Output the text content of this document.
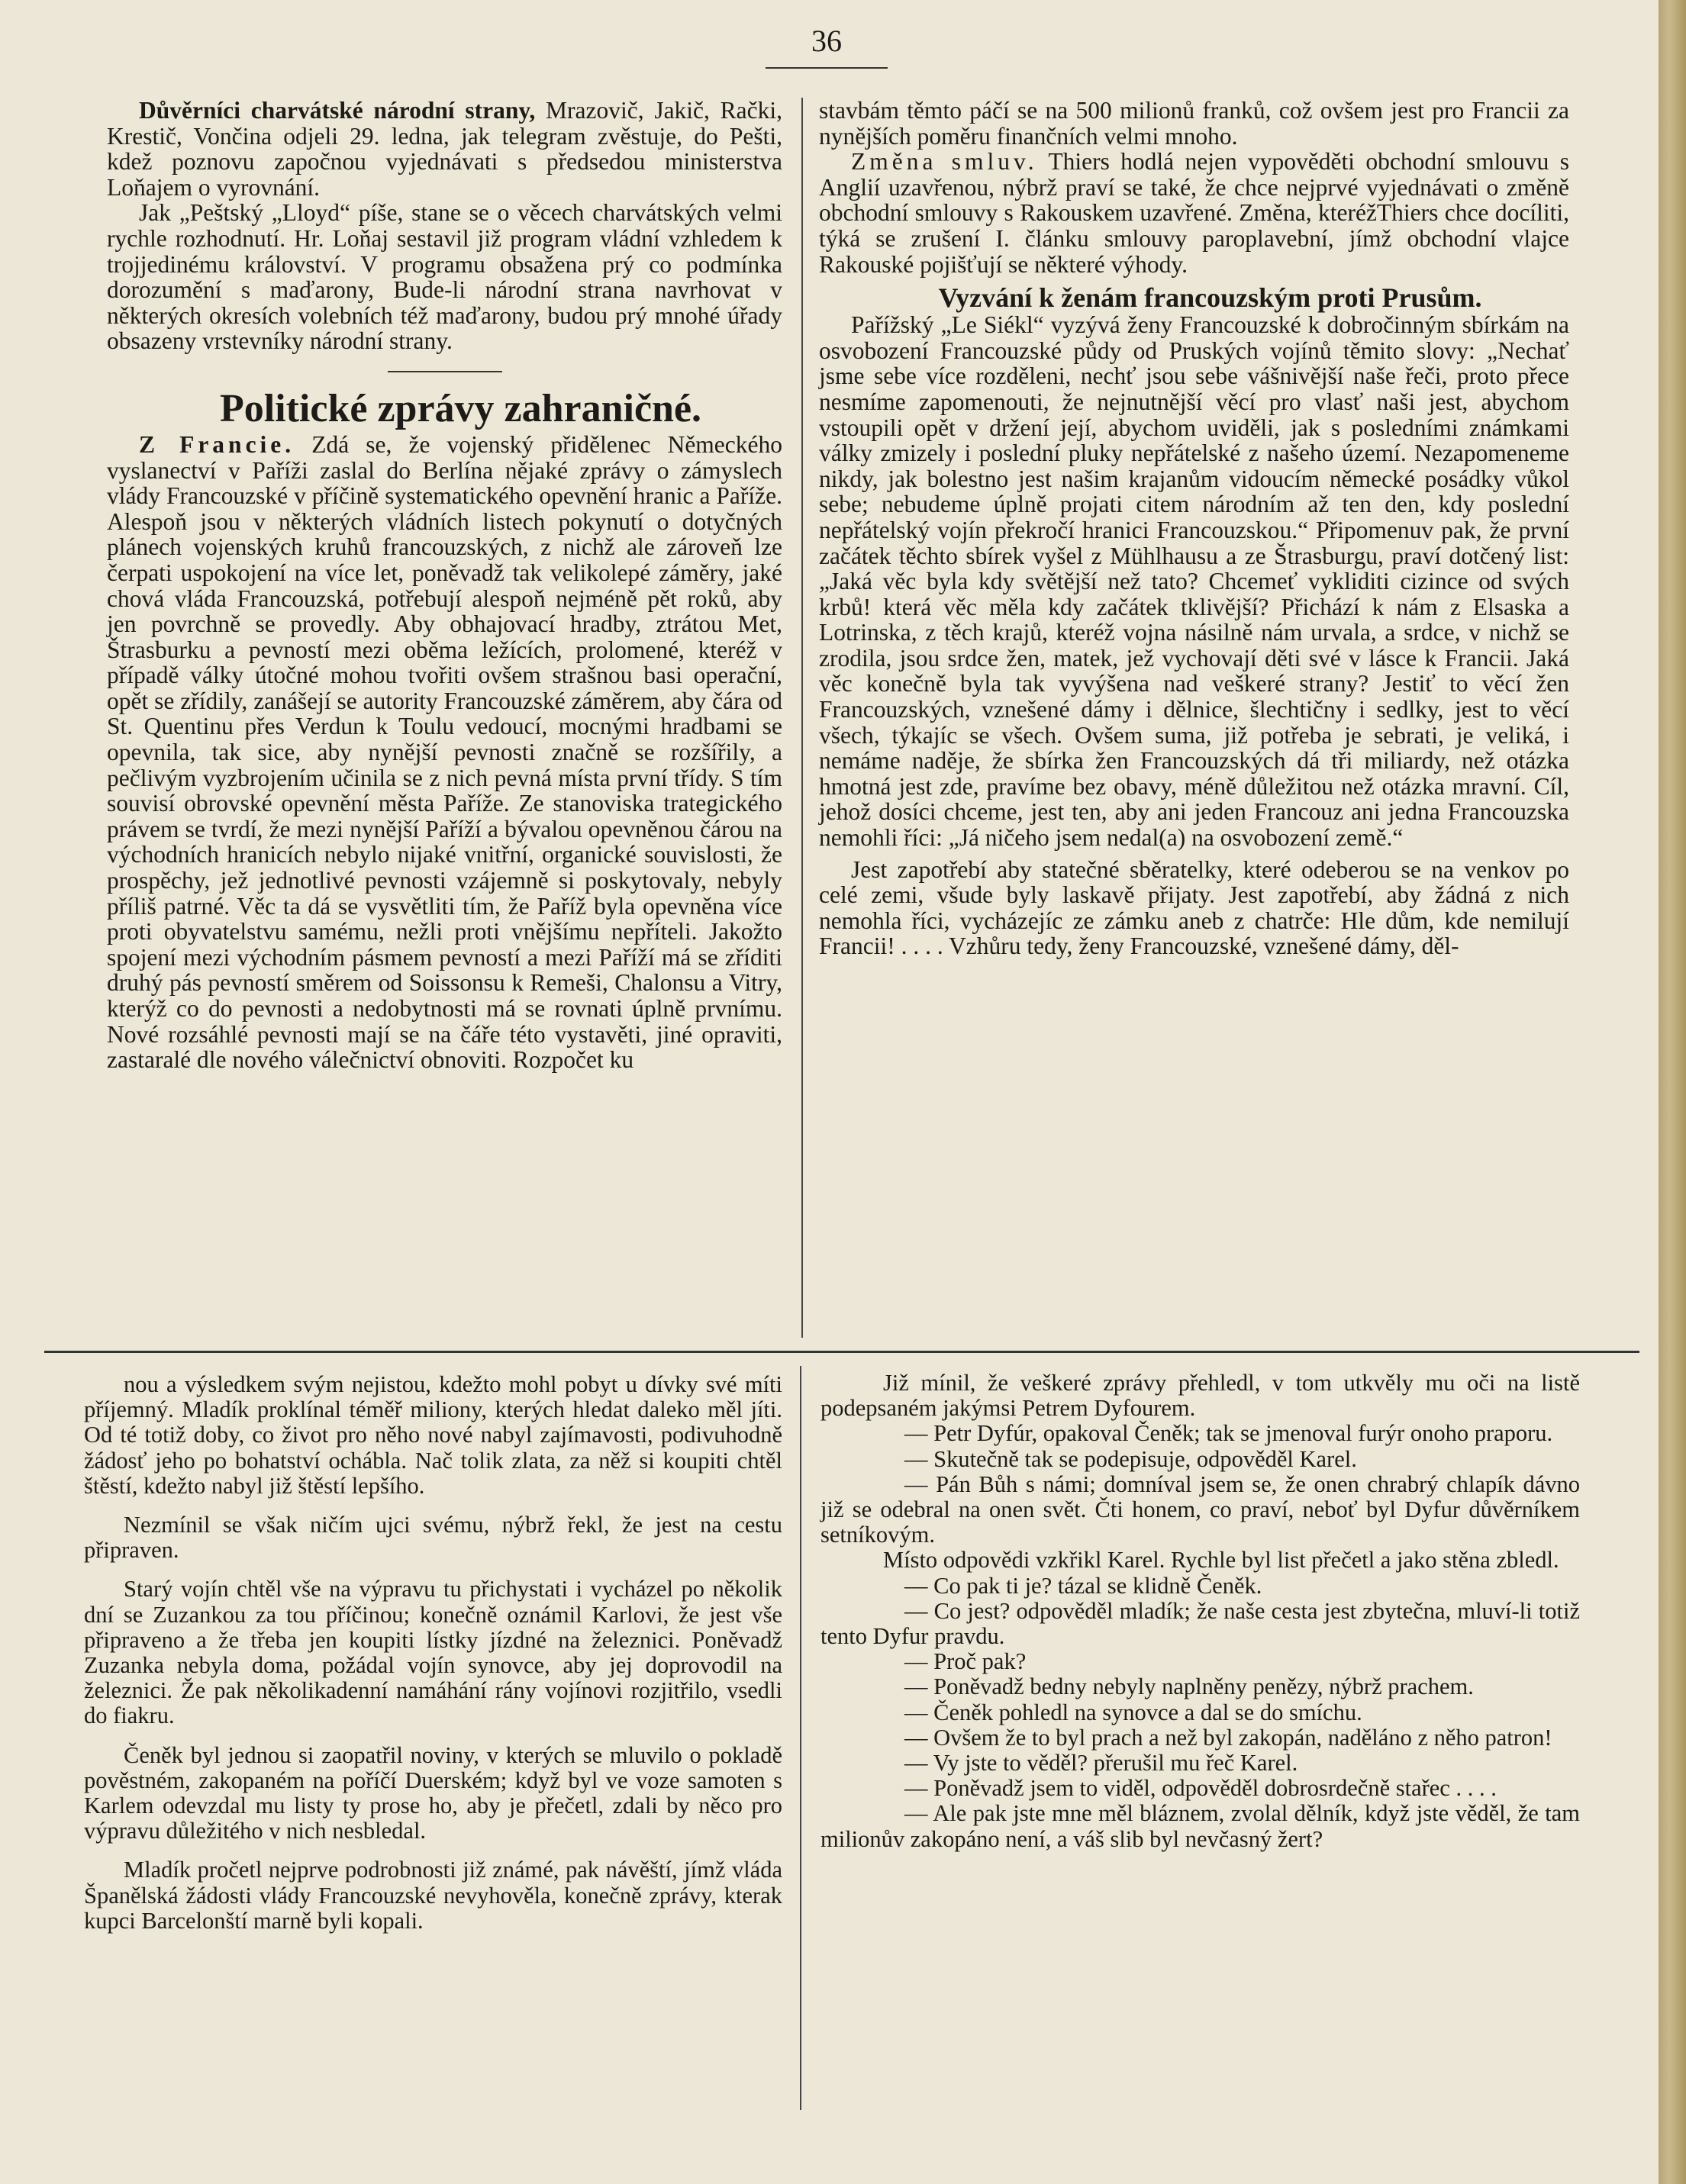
36

Důvěrníci charvátské národní strany, Mrazovič, Jakič, Rački, Krestič, Vončina odjeli 29. ledna, jak telegram zvěstuje, do Pešti, kdež poznovu započnou vyjednávati s předsedou ministerstva Loňajem o vyrovnání.

Jak „Peštský „Lloyd“ píše, stane se o věcech charvátských velmi rychle rozhodnutí. Hr. Loňaj sestavil již program vládní vzhledem k trojjedinému království. V programu obsažena prý co podmínka dorozumění s maďarony, Bude-li národní strana navrhovat v některých okresích volebních též maďarony, budou prý mnohé úřady obsazeny vrstevníky národní strany.

Politické zprávy zahraničné.

Z Francie. Zdá se, že vojenský přidělenec Německého vyslanectví v Paříži zaslal do Berlína nějaké zprávy o zámyslech vlády Francouzské v příčině systematického opevnění hranic a Paříže. Alespoň jsou v některých vládních listech pokynutí o dotyčných plánech vojenských kruhů francouzských, z nichž ale zároveň lze čerpati uspokojení na více let, poněvadž tak velikolepé záměry, jaké chová vláda Francouzská, potřebují alespoň nejméně pět roků, aby jen povrchně se provedly. Aby obhajovací hradby, ztrátou Met, Štrasburku a pevností mezi oběma ležících, prolomené, kteréž v případě války útočné mohou tvořiti ovšem strašnou basi operační, opět se zřídily, zanášejí se autority Francouzské záměrem, aby čára od St. Quentinu přes Verdun k Toulu vedoucí, mocnými hradbami se opevnila, tak sice, aby nynější pevnosti značně se rozšířily, a pečlivým vyzbrojením učinila se z nich pevná místa první třídy. S tím souvisí obrovské opevnění města Paříže. Ze stanoviska trategického právem se tvrdí, že mezi nynější Paříží a bývalou opevněnou čárou na východních hranicích nebylo nijaké vnitřní, organické souvislosti, že prospěchy, jež jednotlivé pevnosti vzájemně si poskytovaly, nebyly příliš patrné. Věc ta dá se vysvětliti tím, že Paříž byla opevněna více proti obyvatelstvu samému, nežli proti vnějšímu nepříteli. Jakožto spojení mezi východním pásmem pevností a mezi Paříží má se zříditi druhý pás pevností směrem od Soissonsu k Remeši, Chalonsu a Vitry, kterýž co do pevnosti a nedobytnosti má se rovnati úplně prvnímu. Nové rozsáhlé pevnosti mají se na čáře této vystavěti, jiné opraviti, zastaralé dle nového válečnictví obnoviti. Rozpočet ku

stavbám těmto páčí se na 500 milionů franků, což ovšem jest pro Francii za nynějších poměru finančních velmi mnoho.

Změna smluv. Thiers hodlá nejen vypověděti obchodní smlouvu s Anglií uzavřenou, nýbrž praví se také, že chce nejprvé vyjednávati o změně obchodní smlouvy s Rakouskem uzavřené. Změna, kteréžThiers chce docíliti, týká se zrušení I. článku smlouvy paroplavební, jímž obchodní vlajce Rakouské pojišťují se některé výhody.

Vyzvání k ženám francouzským proti Prusům.

Pařížský „Le Siékl“ vyzývá ženy Francouzské k dobročinným sbírkám na osvobození Francouzské půdy od Pruských vojínů těmito slovy: „Nechať jsme sebe více rozděleni, nechť jsou sebe vášnivější naše řeči, proto přece nesmíme zapomenouti, že nejnutnější věcí pro vlasť naši jest, abychom vstoupili opět v držení její, abychom uviděli, jak s posledními známkami války zmizely i poslední pluky nepřátelské z našeho území. Nezapomeneme nikdy, jak bolestno jest našim krajanům vidoucím německé posádky vůkol sebe; nebudeme úplně projati citem národním až ten den, kdy poslední nepřátelský vojín překročí hranici Francouzskou.“ Připomenuv pak, že první začátek těchto sbírek vyšel z Mühlhausu a ze Štrasburgu, praví dotčený list: „Jaká věc byla kdy světější než tato? Chcemeť vykliditi cizince od svých krbů! která věc měla kdy začátek tklivější? Přichází k nám z Elsaska a Lotrinska, z těch krajů, kteréž vojna násilně nám urvala, a srdce, v nichž se zrodila, jsou srdce žen, matek, jež vychovají děti své v lásce k Francii. Jaká věc konečně byla tak vyvýšena nad veškeré strany? Jestiť to věcí žen Francouzských, vznešené dámy i dělnice, šlechtičny i sedlky, jest to věcí všech, týkajíc se všech. Ovšem suma, již potřeba je sebrati, je veliká, i nemáme naděje, že sbírka žen Francouzských dá tři miliardy, než otázka hmotná jest zde, pravíme bez obavy, méně důležitou než otázka mravní. Cíl, jehož dosíci chceme, jest ten, aby ani jeden Francouz ani jedna Francouzska nemohli říci: „Já ničeho jsem nedal(a) na osvobození země.“

Jest zapotřebí aby statečné sběratelky, které odeberou se na venkov po celé zemi, všude byly laskavě přijaty. Jest zapotřebí, aby žádná z nich nemohla říci, vycházejíc ze zámku aneb z chatrče: Hle dům, kde nemilují Francii! . . . . Vzhůru tedy, ženy Francouzské, vznešené dámy, děl-

nou a výsledkem svým nejistou, kdežto mohl pobyt u dívky své míti příjemný. Mladík proklínal téměř miliony, kterých hledat daleko měl jíti. Od té totiž doby, co život pro něho nové nabyl zajímavosti, podivuhodně žádosť jeho po bohatství ochábla. Nač tolik zlata, za něž si koupiti chtěl štěstí, kdežto nabyl již štěstí lepšího.

Nezmínil se však ničím ujci svému, nýbrž řekl, že jest na cestu připraven.

Starý vojín chtěl vše na výpravu tu přichystati i vycházel po několik dní se Zuzankou za tou příčinou; konečně oznámil Karlovi, že jest vše připraveno a že třeba jen koupiti lístky jízdné na železnici. Poněvadž Zuzanka nebyla doma, požádal vojín synovce, aby jej doprovodil na železnici. Že pak několikadenní namáhání rány vojínovi rozjitřilo, vsedli do fiakru.

Čeněk byl jednou si zaopatřil noviny, v kterých se mluvilo o pokladě pověstném, zakopaném na poříčí Duerském; když byl ve voze samoten s Karlem odevzdal mu listy ty prose ho, aby je přečetl, zdali by něco pro výpravu důležitého v nich nesbledal.

Mladík pročetl nejprve podrobnosti již známé, pak návěští, jímž vláda Španělská žádosti vlády Francouzské nevyhověla, konečně zprávy, kterak kupci Barcelonští marně byli kopali.

Již mínil, že veškeré zprávy přehledl, v tom utkvěly mu oči na listě podepsaném jakýmsi Petrem Dyfourem.

— Petr Dyfúr, opakoval Čeněk; tak se jmenoval furýr onoho praporu.

— Skutečně tak se podepisuje, odpověděl Karel.

— Pán Bůh s námi; domníval jsem se, že onen chrabrý chlapík dávno již se odebral na onen svět. Čti honem, co praví, neboť byl Dyfur důvěrníkem setníkovým.

Místo odpovědi vzkřikl Karel. Rychle byl list přečetl a jako stěna zbledl.

— Co pak ti je? tázal se klidně Čeněk.

— Co jest? odpověděl mladík; že naše cesta jest zbytečna, mluví-li totiž tento Dyfur pravdu.

— Proč pak?

— Poněvadž bedny nebyly naplněny penězy, nýbrž prachem.

— Čeněk pohledl na synovce a dal se do smíchu.

— Ovšem že to byl prach a než byl zakopán, naděláno z něho patron!

— Vy jste to věděl? přerušil mu řeč Karel.

— Poněvadž jsem to viděl, odpověděl dobrosrdečně stařec . . . .

— Ale pak jste mne měl bláznem, zvolal dělník, když jste věděl, že tam milionův zakopáno není, a váš slib byl nevčasný žert?
